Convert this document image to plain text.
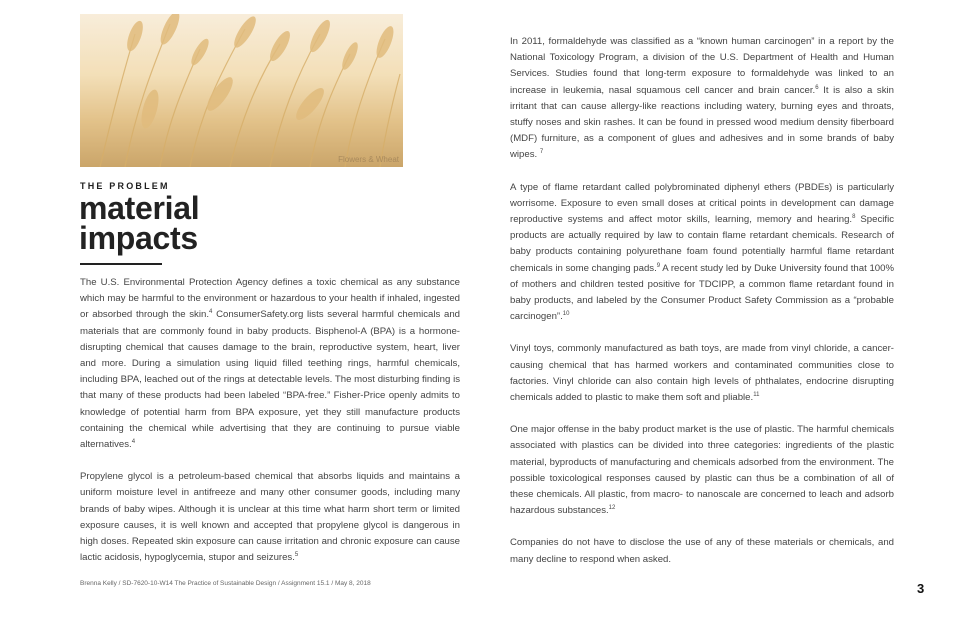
Flowers & Wheat
THE PROBLEM
material
impacts

The U.S. Environmental Protection Agency defines a toxic chemical as any substance which may be harmful to the environment or hazardous to your health if inhaled, ingested or absorbed through the skin.$^4$ ConsumerSafety.org lists several harmful chemicals and materials that are commonly found in baby products. Bisphenol-A (BPA) is a hormone-disrupting chemical that causes damage to the brain, reproductive system, heart, liver and more. During a simulation using liquid filled teething rings, harmful chemicals, including BPA, leached out of the rings at detectable levels. The most disturbing finding is that many of these products had been labeled “BPA-free.” Fisher-Price openly admits to knowledge of potential harm from BPA exposure, yet they still manufacture products containing the chemical while advertising that they are continuing to pursue viable alternatives.$^4$

Propylene glycol is a petroleum-based chemical that absorbs liquids and maintains a uniform moisture level in antifreeze and many other consumer goods, including many brands of baby wipes. Although it is unclear at this time what harm short term or limited exposure causes, it is well known and accepted that propylene glycol is dangerous in high doses. Repeated skin exposure can cause irritation and chronic exposure can cause lactic acidosis, hypoglycemia, stupor and seizures.$^5$

In 2011, formaldehyde was classified as a “known human carcinogen” in a report by the National Toxicology Program, a division of the U.S. Department of Health and Human Services. Studies found that long-term exposure to formaldehyde was linked to an increase in leukemia, nasal squamous cell cancer and brain cancer.$^6$ It is also a skin irritant that can cause allergy-like reactions including watery, burning eyes and throats, stuffy noses and skin rashes. It can be found in pressed wood medium density fiberboard (MDF) furniture, as a component of glues and adhesives and in some brands of baby wipes. $^7$

A type of flame retardant called polybrominated diphenyl ethers (PBDEs) is particularly worrisome. Exposure to even small doses at critical points in development can damage reproductive systems and affect motor skills, learning, memory and hearing.$^8$ Specific products are actually required by law to contain flame retardant chemicals. Research of baby products containing polyurethane foam found potentially harmful flame retardant chemicals in some changing pads.$^9$ A recent study led by Duke University found that 100% of mothers and children tested positive for TDCIPP, a common flame retardant found in baby products, and labeled by the Consumer Product Safety Commission as a “probable carcinogen”.$^{10}$

Vinyl toys, commonly manufactured as bath toys, are made from vinyl chloride, a cancer-causing chemical that has harmed workers and contaminated communities close to factories. Vinyl chloride can also contain high levels of phthalates, endocrine disrupting chemicals added to plastic to make them soft and pliable.$^{11}$

One major offense in the baby product market is the use of plastic. The harmful chemicals associated with plastics can be divided into three categories: ingredients of the plastic material, byproducts of manufacturing and chemicals adsorbed from the environment. The possible toxicological responses caused by plastic can thus be a combination of all of these chemicals. All plastic, from macro- to nanoscale are concerned to leach and adsorb hazardous substances.$^{12}$

Companies do not have to disclose the use of any of these materials or chemicals, and many decline to respond when asked.

Brenna Kelly / SD-7620-10-W14 The Practice of Sustainable Design / Assignment 15.1 / May 8, 2018	3
